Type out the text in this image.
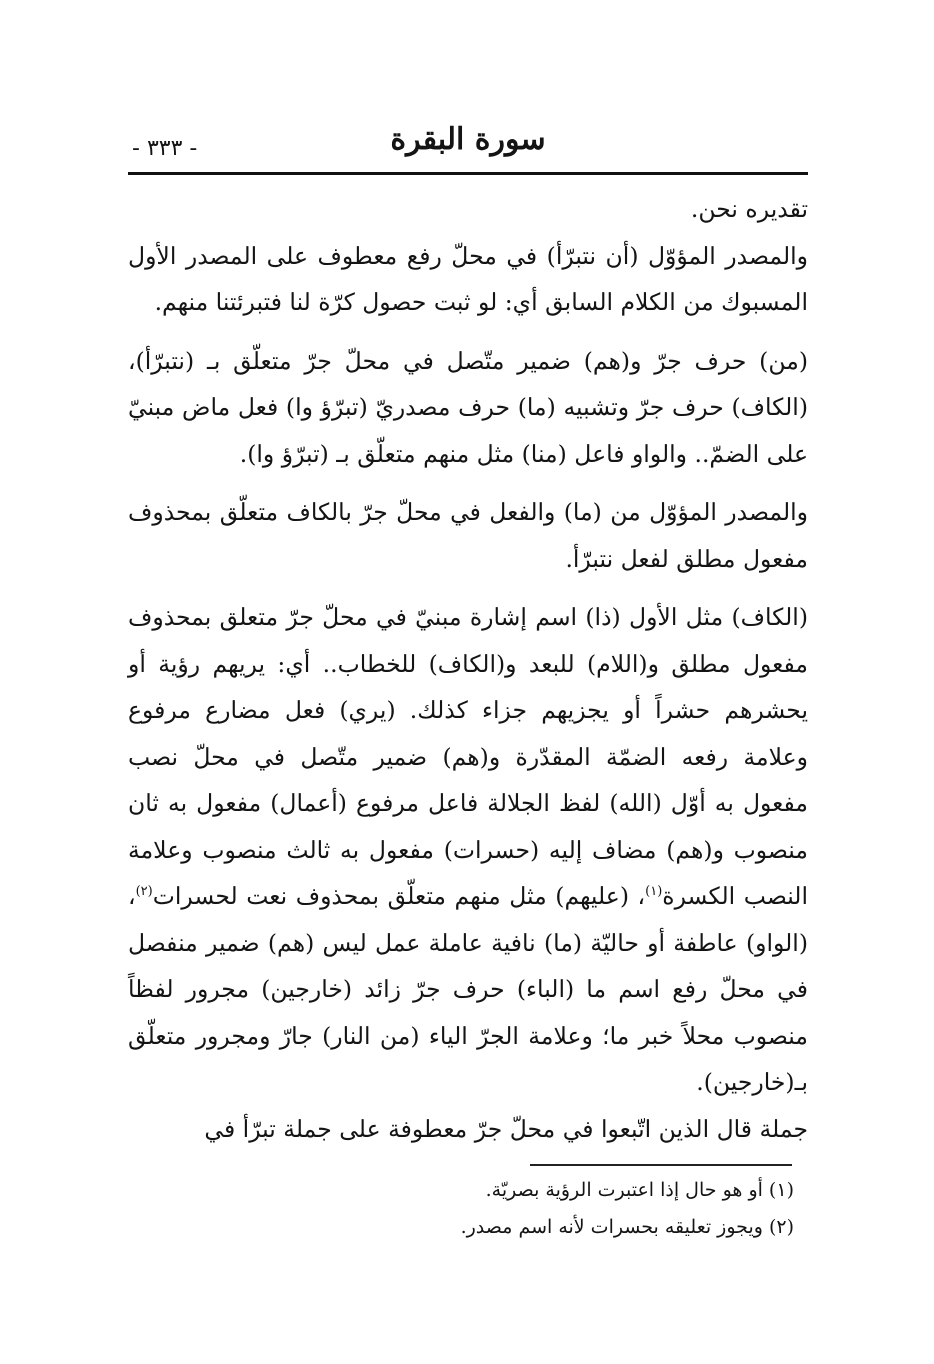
- ٣٣٣ -	سورة البقرة

تقديره نحن.

والمصدر المؤوّل (أن نتبرّأ) في محلّ رفع معطوف على المصدر الأول المسبوك من الكلام السابق أي: لو ثبت حصول كرّة لنا فتبرئتنا منهم.

(من) حرف جرّ و(هم) ضمير متّصل في محلّ جرّ متعلّق بـ (نتبرّأ)، (الكاف) حرف جرّ وتشبيه (ما) حرف مصدريّ (تبرّؤ وا) فعل ماض مبنيّ على الضمّ.. والواو فاعل (منا) مثل منهم متعلّق بـ (تبرّؤ وا).

والمصدر المؤوّل من (ما) والفعل في محلّ جرّ بالكاف متعلّق بمحذوف مفعول مطلق لفعل نتبرّأ.

(الكاف) مثل الأول (ذا) اسم إشارة مبنيّ في محلّ جرّ متعلق بمحذوف مفعول مطلق و(اللام) للبعد و(الكاف) للخطاب.. أي: يريهم رؤية أو يحشرهم حشراً أو يجزيهم جزاء كذلك. (يري) فعل مضارع مرفوع وعلامة رفعه الضمّة المقدّرة و(هم) ضمير متّصل في محلّ نصب مفعول به أوّل (الله) لفظ الجلالة فاعل مرفوع (أعمال) مفعول به ثان منصوب و(هم) مضاف إليه (حسرات) مفعول به ثالث منصوب وعلامة النصب الكسرة$^{(١)}$، (عليهم) مثل منهم متعلّق بمحذوف نعت لحسرات$^{(٢)}$، (الواو) عاطفة أو حاليّة (ما) نافية عاملة عمل ليس (هم) ضمير منفصل في محلّ رفع اسم ما (الباء) حرف جرّ زائد (خارجين) مجرور لفظاً منصوب محلاً خبر ما؛ وعلامة الجرّ الياء (من النار) جارّ ومجرور متعلّق بـ(خارجين).

جملة قال الذين اتّبعوا في محلّ جرّ معطوفة على جملة تبرّأ في

(١) أو هو حال إذا اعتبرت الرؤية بصريّة.

(٢) ويجوز تعليقه بحسرات لأنه اسم مصدر.
